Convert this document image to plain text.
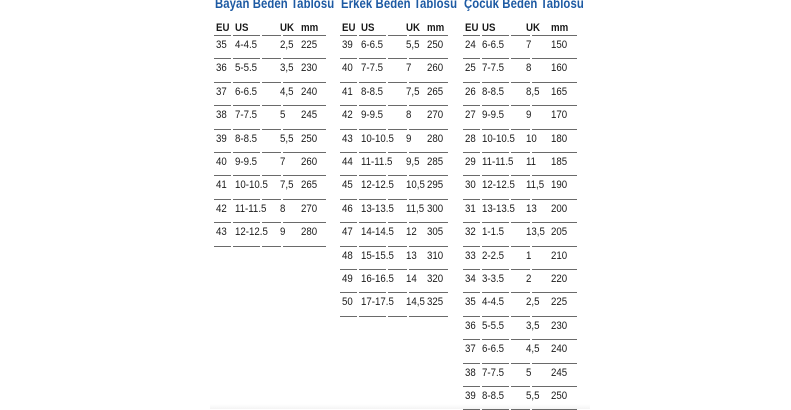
Bayan Beden Tablosu
EU US	UK mm
35 4-4.5 2,5 225
36 5-5.5 3,5 230
37 6-6.5 4,5 240
38 7-7.5 5 245
39 8-8.5 5,5 250
40 9-9.5 7 260
41 10-10.5 7,5 265
42 11-11.5 8 270
43 12-12.5 9 280
Erkek Beden Tablosu
EU US	UK mm
39 6-6.5 5,5 250
40 7-7.5 7 260
41 8-8.5 7,5 265
42 9-9.5 8 270
43 10-10.5 9 280
44 11-11.5 9,5 285
45 12-12.5 10,5 295
46 13-13.5 11,5 300
47 14-14.5 12 305
48 15-15.5 13 310
49 16-16.5 14 320
50 17-17.5 14,5 325
Çocuk Beden Tablosu
EU US	UK mm
24 6-6.5 7 150
25 7-7.5 8 160
26 8-8.5 8,5 165
27 9-9.5 9 170
28 10-10.5 10 180
29 11-11.5 11 185
30 12-12.5 11,5 190
31 13-13.5 13 200
32 1-1.5 13,5 205
33 2-2.5 1 210
34 3-3.5 2 220
35 4-4.5 2,5 225
36 5-5.5 3,5 230
37 6-6.5 4,5 240
38 7-7.5 5 245
39 8-8.5 5,5 250
